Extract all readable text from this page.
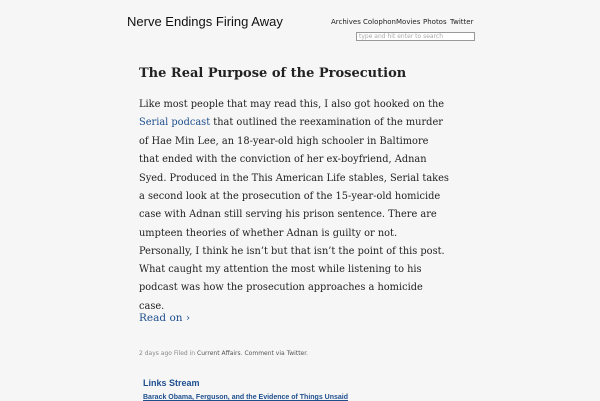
Nerve Endings Firing Away	Archives Colophon Movies Photos Twitter
type and hit enter to search
The Real Purpose of the Prosecution

Like most people that may read this, I also got hooked on the Serial podcast that outlined the reexamination of the murder of Hae Min Lee, an 18-year-old high schooler in Baltimore that ended with the conviction of her ex-boyfriend, Adnan Syed. Produced in the This American Life stables, Serial takes a second look at the prosecution of the 15-year-old homicide case with Adnan still serving his prison sentence. There are umpteen theories of whether Adnan is guilty or not. Personally, I think he isn’t but that isn’t the point of this post.

What caught my attention the most while listening to his podcast was how the prosecution approaches a homicide case.

Read on ›
2 days ago Filed in Current Affairs. Comment via Twitter.
Links Stream
Barack Obama, Ferguson, and the Evidence of Things Unsaid
